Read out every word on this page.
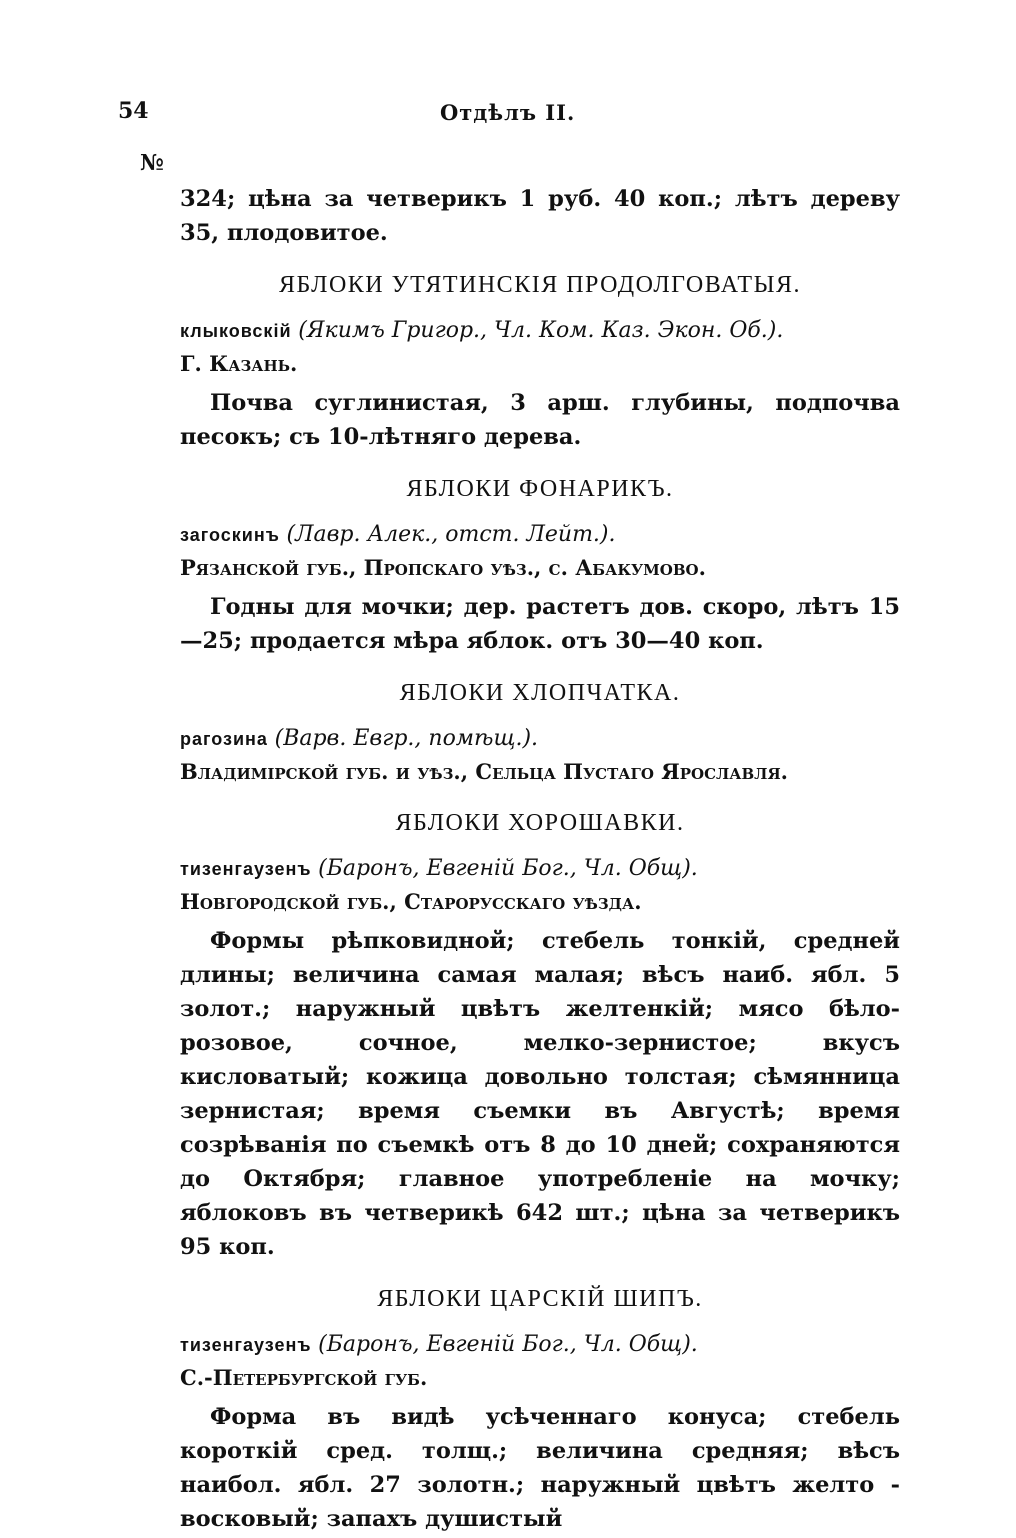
54	Отдѣлъ II.
№

324; цѣна за четверикъ 1 руб. 40 коп.; лѣтъ дереву 35, плодовитое.

ЯБЛОКИ УТЯТИНСКІЯ ПРОДОЛГОВАТЫЯ.

клыковскій (Якимъ Григор., Чл. Ком. Каз. Экон. Об.).

Г. Казань.

Почва суглинистая, 3 арш. глубины, подпочва песокъ; съ 10-лѣтняго дерева.

ЯБЛОКИ ФОНАРИКЪ.

загоскинъ (Лавр. Алек., отст. Лейт.).

Рязанской губ., Пропскаго уѣз., с. Абакумово.

Годны для мочки; дер. растетъ дов. скоро, лѣтъ 15—25; продается мѣра яблок. отъ 30—40 коп.

ЯБЛОКИ ХЛОПЧАТКА.

рагозина (Варв. Евгр., помѣщ.).

Владимірской губ. и уѣз., Сельца Пустаго Ярославля.

ЯБЛОКИ ХОРОШАВКИ.

тизенгаузенъ (Баронъ, Евгеній Бог., Чл. Общ).

Новгородской губ., Старорусскаго уѣзда.

Формы рѣпковидной; стебель тонкій, средней длины; величина самая малая; вѣсъ наиб. ябл. 5 золот.; наружный цвѣтъ желтенкій; мясо бѣло-розовое, сочное, мелко-зернистое; вкусъ кисловатый; кожица довольно толстая; сѣмянница зернистая; время съемки въ Августѣ; время созрѣванія по съемкѣ отъ 8 до 10 дней; сохраняются до Октября; главное употребленіе на мочку; яблоковъ въ четверикѣ 642 шт.; цѣна за четверикъ 95 коп.

ЯБЛОКИ ЦАРСКІЙ ШИПЪ.

тизенгаузенъ (Баронъ, Евгеній Бог., Чл. Общ).

С.-Петербургской губ.

Форма въ видѣ усѣченнаго конуса; стебель короткій сред. толщ.; величина средняя; вѣсъ наибол. ябл. 27 золотн.; наружный цвѣтъ желто - восковый; запахъ душистый
